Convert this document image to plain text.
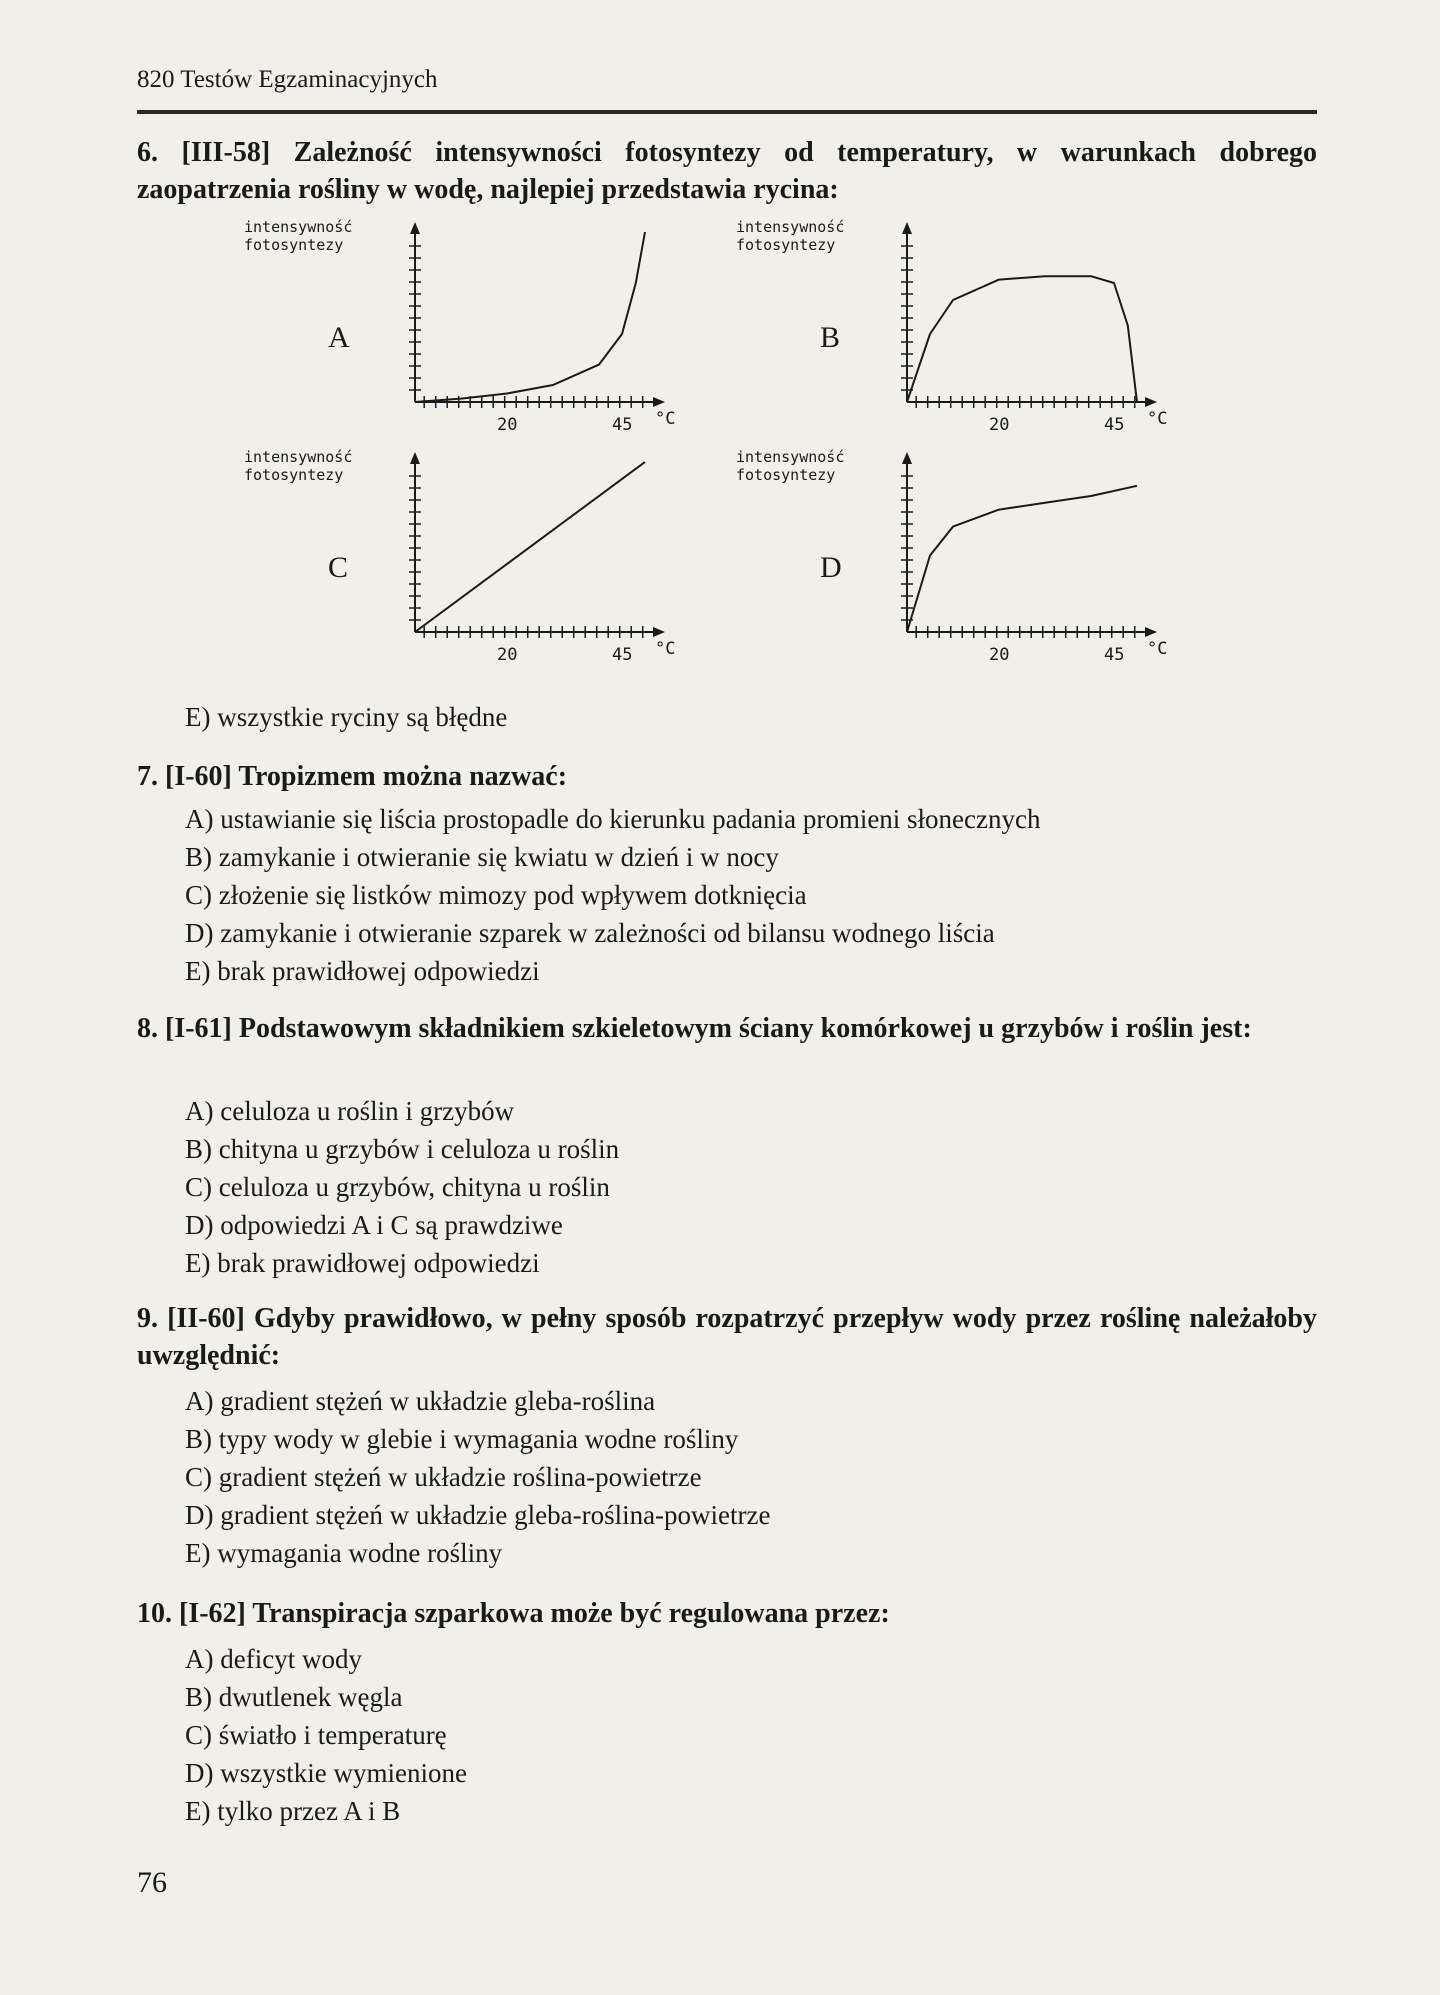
820 Testów Egzaminacyjnych
6. [III-58] Zależność intensywności fotosyntezy od temperatury, w warunkach dobrego zaopatrzenia rośliny w wodę, najlepiej przedstawia rycina:
intensywność
fotosyntezy
A
20	45 °C
intensywność
fotosyntezy
B
20	45 °C
intensywność
fotosyntezy
C
20	45 °C
intensywność
fotosyntezy
D
20	45 °C
E) wszystkie ryciny są błędne
7. [I-60] Tropizmem można nazwać:
A) ustawianie się liścia prostopadle do kierunku padania promieni słonecznych
B) zamykanie i otwieranie się kwiatu w dzień i w nocy
C) złożenie się listków mimozy pod wpływem dotknięcia
D) zamykanie i otwieranie szparek w zależności od bilansu wodnego liścia
E) brak prawidłowej odpowiedzi
8. [I-61] Podstawowym składnikiem szkieletowym ściany komórkowej u grzybów i roślin jest:
A) celuloza u roślin i grzybów
B) chityna u grzybów i celuloza u roślin
C) celuloza u grzybów, chityna u roślin
D) odpowiedzi A i C są prawdziwe
E) brak prawidłowej odpowiedzi
9. [II-60] Gdyby prawidłowo, w pełny sposób rozpatrzyć przepływ wody przez roślinę należałoby uwzględnić:
A) gradient stężeń w układzie gleba-roślina
B) typy wody w glebie i wymagania wodne rośliny
C) gradient stężeń w układzie roślina-powietrze
D) gradient stężeń w układzie gleba-roślina-powietrze
E) wymagania wodne rośliny
10. [I-62] Transpiracja szparkowa może być regulowana przez:
A) deficyt wody
B) dwutlenek węgla
C) światło i temperaturę
D) wszystkie wymienione
E) tylko przez A i B
76
